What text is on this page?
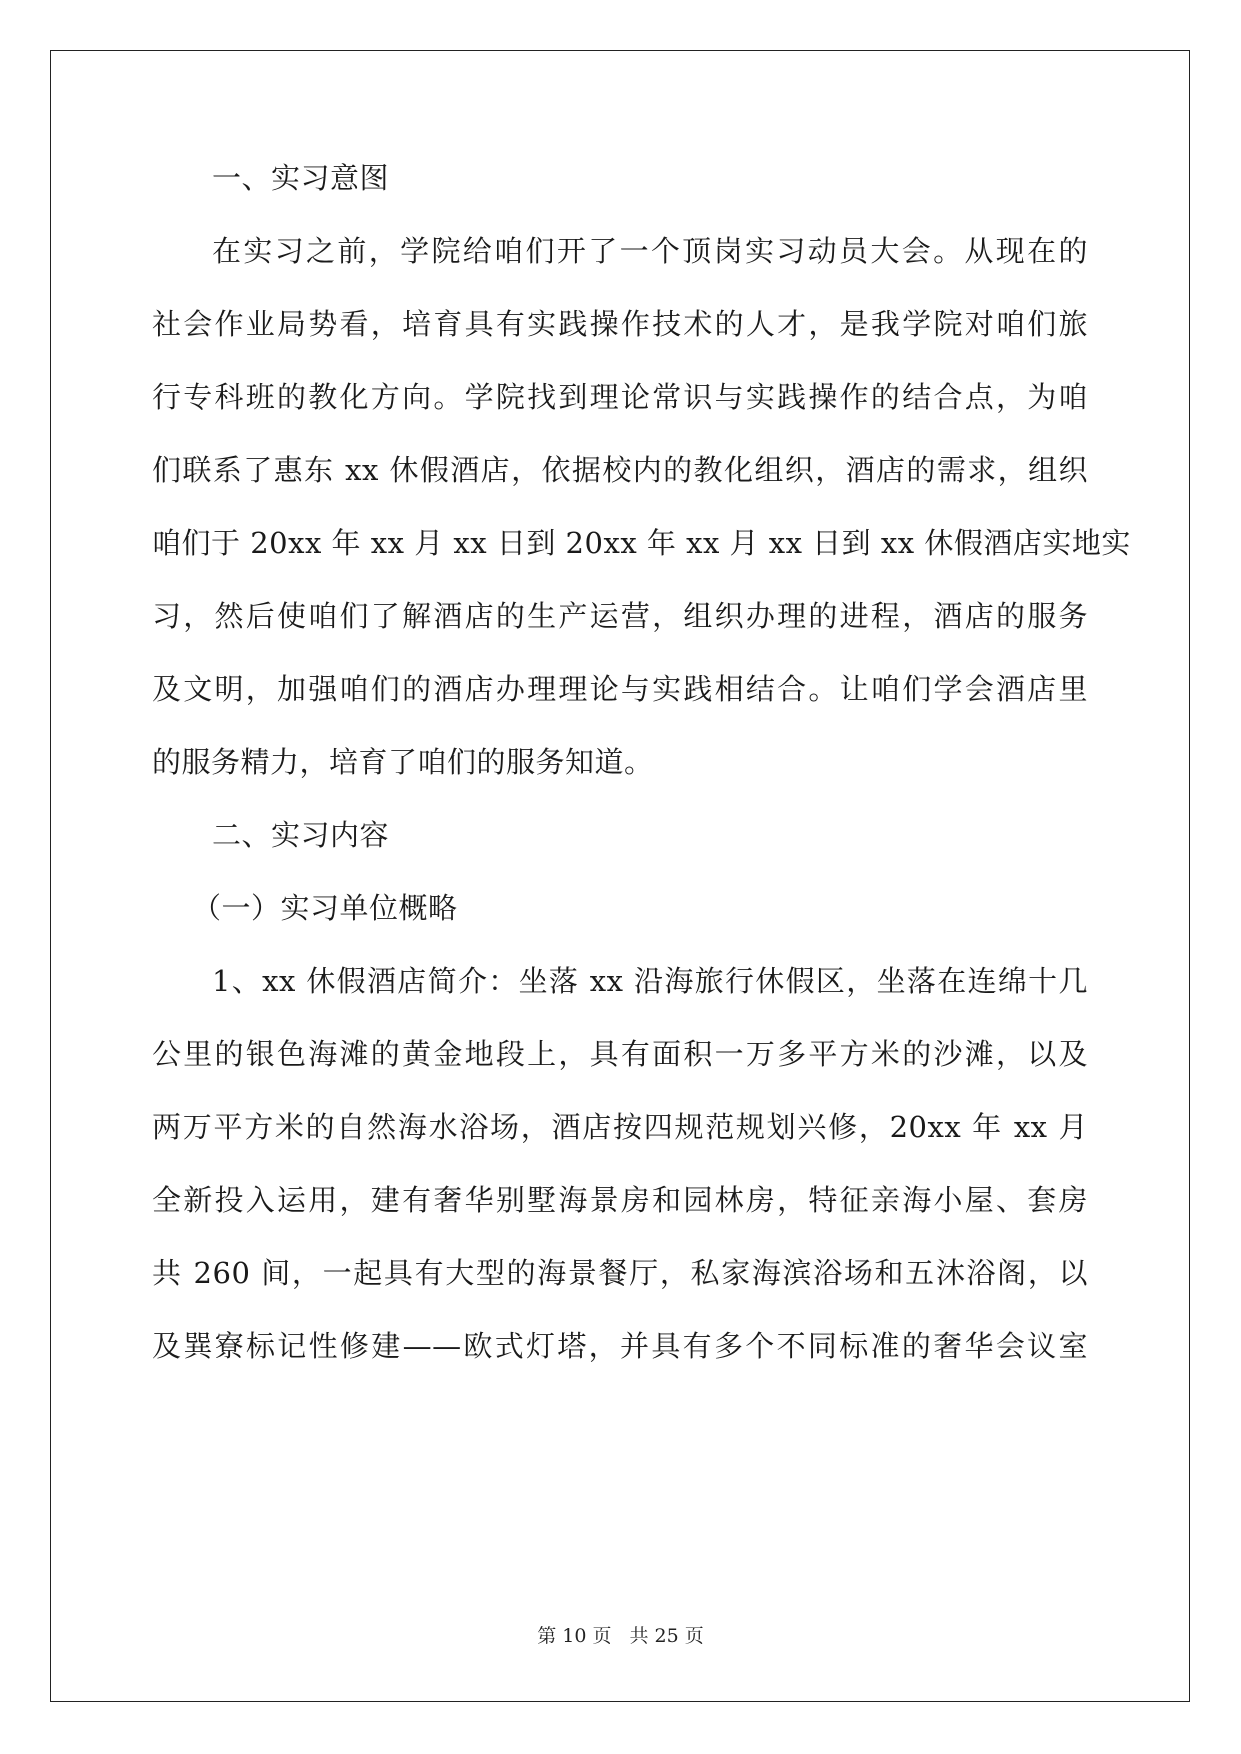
一、实习意图
在实习之前，学院给咱们开了一个顶岗实习动员大会。从现在的
社会作业局势看，培育具有实践操作技术的人才，是我学院对咱们旅
行专科班的教化方向。学院找到理论常识与实践操作的结合点，为咱
们联系了惠东 xx 休假酒店，依据校内的教化组织，酒店的需求，组织
咱们于 20xx 年 xx 月 xx 日到 20xx 年 xx 月 xx 日到 xx 休假酒店实地实
习，然后使咱们了解酒店的生产运营，组织办理的进程，酒店的服务
及文明，加强咱们的酒店办理理论与实践相结合。让咱们学会酒店里
的服务精力，培育了咱们的服务知道。
二、实习内容
（一）实习单位概略
1、xx 休假酒店简介：坐落 xx 沿海旅行休假区，坐落在连绵十几
公里的银色海滩的黄金地段上，具有面积一万多平方米的沙滩，以及
两万平方米的自然海水浴场，酒店按四规范规划兴修，20xx 年 xx 月
全新投入运用，建有奢华别墅海景房和园林房，特征亲海小屋、套房
共 260 间，一起具有大型的海景餐厅，私家海滨浴场和五沐浴阁，以
及巽寮标记性修建——欧式灯塔，并具有多个不同标准的奢华会议室
第 10 页 共 25 页
